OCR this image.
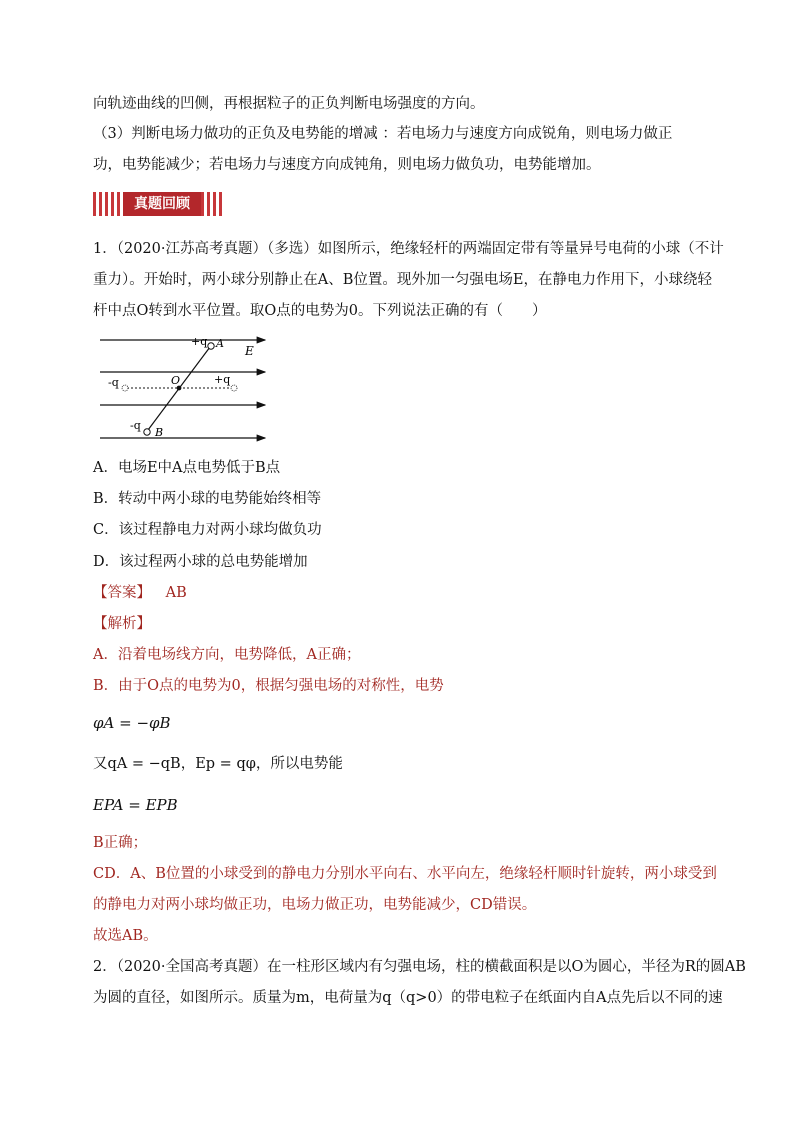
向轨迹曲线的凹侧，再根据粒子的正负判断电场强度的方向。
（3）判断电场力做功的正负及电势能的增减 ：若电场力与速度方向成锐角，则电场力做正
功，电势能减少；若电场力与速度方向成钝角，则电场力做负功，电势能增加。
真题回顾
1．（2020·江苏高考真题）（多选）如图所示，绝缘轻杆的两端固定带有等量异号电荷的小球（不计
重力）。开始时，两小球分别静止在A、B位置。现外加一匀强电场E，在静电力作用下，小球绕轻
杆中点O转到水平位置。取O点的电势为0。下列说法正确的有（　　）
+q A
E
-q	O	+q
-q
B
A．电场E中A点电势低于B点
B．转动中两小球的电势能始终相等
C．该过程静电力对两小球均做负功
D．该过程两小球的总电势能增加
【答案】 AB
【解析】
A．沿着电场线方向，电势降低，A正确；
B．由于O点的电势为0，根据匀强电场的对称性，电势
φA = −φB
又qA = −qB，Ep = qφ，所以电势能
EPA = EPB
B正确；
CD．A、B位置的小球受到的静电力分别水平向右、水平向左，绝缘轻杆顺时针旋转，两小球受到
的静电力对两小球均做正功，电场力做正功，电势能减少，CD错误。
故选AB。
2．（2020·全国高考真题）在一柱形区域内有匀强电场，柱的横截面积是以O为圆心，半径为R的圆AB
为圆的直径，如图所示。质量为m，电荷量为q（q>0）的带电粒子在纸面内自A点先后以不同的速
